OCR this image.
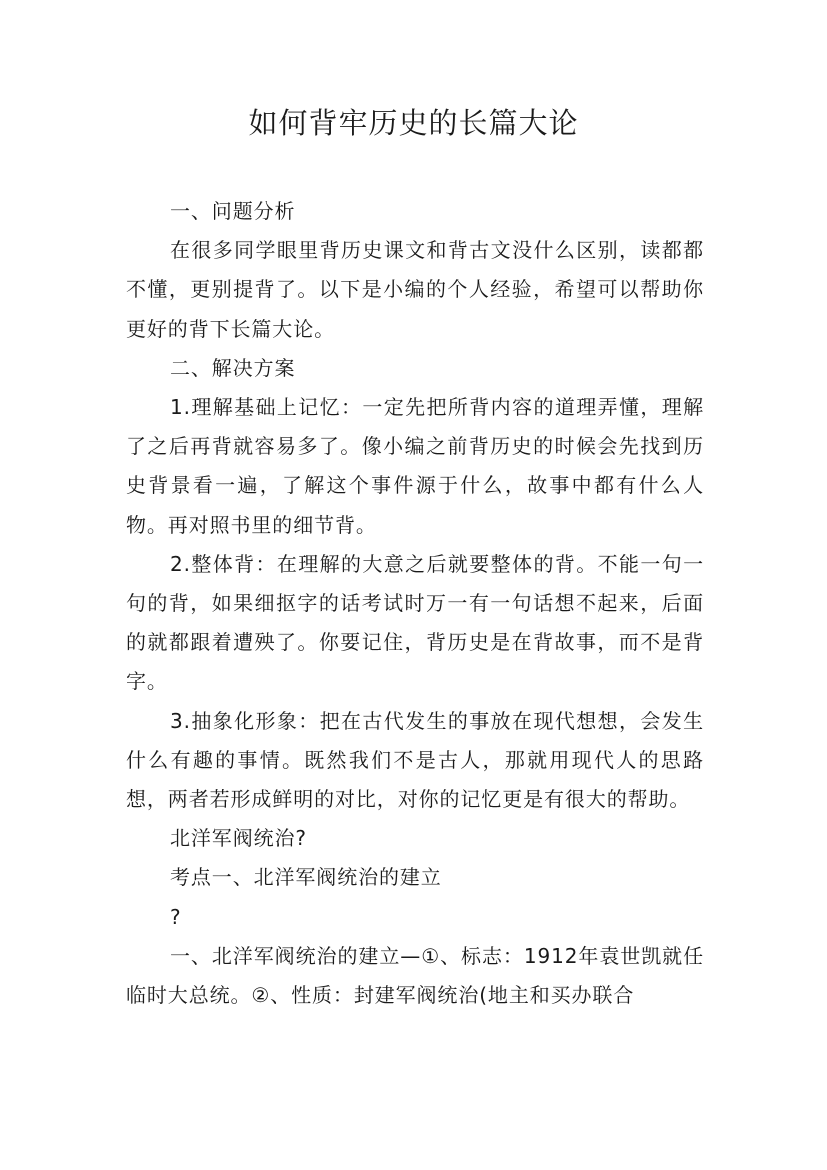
如何背牢历史的长篇大论

一、问题分析

在很多同学眼里背历史课文和背古文没什么区别，读都都不懂，更别提背了。以下是小编的个人经验，希望可以帮助你更好的背下长篇大论。

二、解决方案

1.理解基础上记忆：一定先把所背内容的道理弄懂，理解了之后再背就容易多了。像小编之前背历史的时候会先找到历史背景看一遍，了解这个事件源于什么，故事中都有什么人物。再对照书里的细节背。

2.整体背：在理解的大意之后就要整体的背。不能一句一句的背，如果细抠字的话考试时万一有一句话想不起来，后面的就都跟着遭殃了。你要记住，背历史是在背故事，而不是背字。

3.抽象化形象：把在古代发生的事放在现代想想，会发生什么有趣的事情。既然我们不是古人，那就用现代人的思路想，两者若形成鲜明的对比，对你的记忆更是有很大的帮助。

北洋军阀统治?

考点一、北洋军阀统治的建立

?

一、北洋军阀统治的建立—①、标志：1912年袁世凯就任临时大总统。②、性质：封建军阀统治(地主和买办联合
